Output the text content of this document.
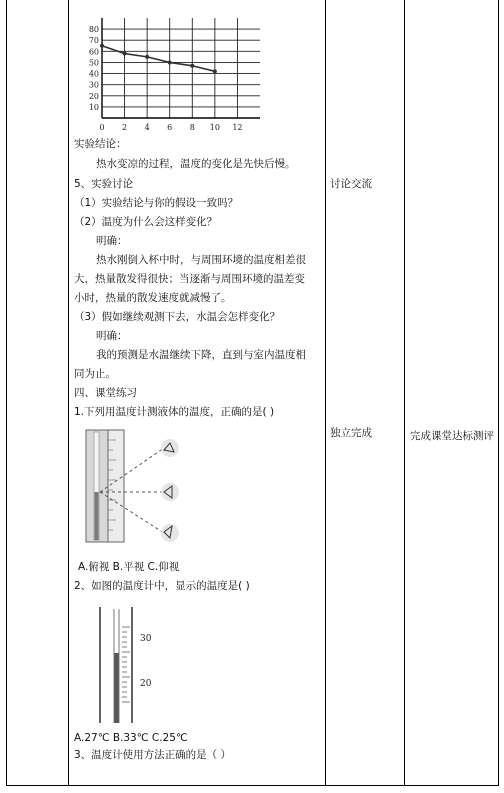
80
70
60
50
40
30
20
10
0 2 4 6 8 10 12
实验结论：
热水变凉的过程，温度的变化是先快后慢。
5、实验讨论
（1）实验结论与你的假设一致吗？
（2）温度为什么会这样变化？
明确：
热水刚倒入杯中时，与周围环境的温度相差很
大，热量散发得很快；当逐渐与周围环境的温差变
小时，热量的散发速度就减慢了。
（3）假如继续观测下去，水温会怎样变化？
明确：
我的预测是水温继续下降，直到与室内温度相
同为止。
四、课堂练习
1.下列用温度计测液体的温度，正确的是( )
A.俯视 B.平视 C.仰视
2、如图的温度计中，显示的温度是( )
30
20
A.27℃ B.33℃ C.25℃
3、温度计使用方法正确的是（ ）
讨论交流
独立完成	完成课堂达标测评
